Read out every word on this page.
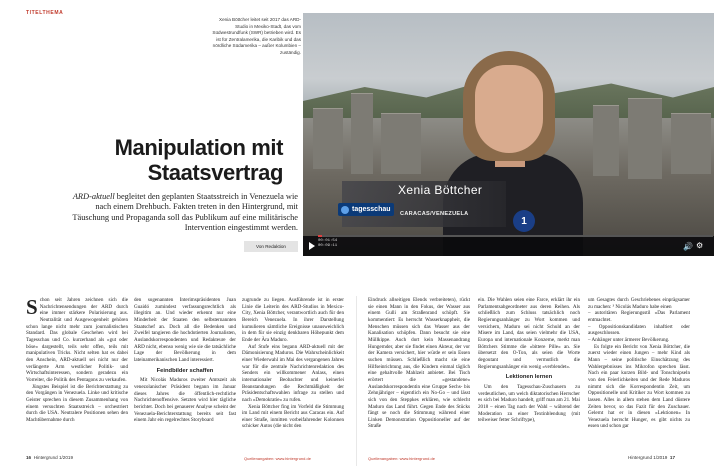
TITELTHEMA
Xenia Böttcher leitet seit 2017 das ARD-Studio in Mexiko-Stadt, das vom Südwestrundfunk (SWR) betrieben wird. Es ist für Zentralamerika, die Karibik und das nördliche Südamerika – außer Kolumbien – zuständig.
Xenia Böttcher
CARACAS/VENEZUELA
tagesschau
1
00:01:54
00:09:11	🔊 ⚙
Manipulation mit
Staatsvertrag
ARD-aktuell begleitet den geplanten Staatsstreich in Venezuela wie nach einem Drehbuch. Fakten treten in den Hintergrund, mit Täuschung und Propaganda soll das Publikum auf eine militärische Intervention eingestimmt werden.
Von Redaktion

Schon seit Jahren zeichnen sich die Nachrichtensendungen der ARD durch eine immer stärkere Polarisierung aus. Neutralität und Ausgewogenheit gehören schon lange nicht mehr zum journalistischen Standard. Das globale Geschehen wird bei Tagesschau und Co. kurzerhand als »gut oder böse« dargestellt, teils sehr offen, teils mit manipulativen Tricks. Nicht selten hat es dabei den Anschein, ARD-aktuell sei nicht nur der verlängerte Arm westlicher Politik- und Wirtschaftsinteressen, sondern geradezu ein Vorreiter, die Politik des Pentagons zu verkaufen.

Jüngstes Beispiel ist die Berichterstattung zu den Vorgängen in Venezuela. Linke und kritische Geister sprechen in diesem Zusammenhang von einem versuchten Staatsstreich – orchestriert durch die USA. Neutralere Positionen sehen den Machtübernahme durch

den sogenannten Interimspräsidenten Juan Guaidó zumindest verfassungsrechtlich als illegitim an. Und wieder erkennt nur eine Minderheit der Staaten den selbsternannten Staatschef an. Doch all die Bedenken und Zweifel tangieren die hochdotierten Journalisten, Auslandskorrespondenten und Redakteure der ARD nicht, ebenso wenig wie sie die tatsächliche Lage der Bevölkerung in dem lateinamerikanischen Land interessiert.

Feindbilder schaffen

Mit Nicolás Maduros zweiter Amtszeit als venezolanischer Präsident begann im Januar dieses Jahres die öffentlich-rechtliche Nachrichtenoffensive. Setzten wird hier tägliche berichtet. Doch bei genauerer Analyse scheint der Venezuela-Berichterstattung bereits seit fast einem Jahr ein regelrechtes Storyboard

zugrunde zu liegen. Ausführende ist in erster Linie die Leiterin des ARD-Studios in Mexico-City, Xenia Böttcher, verantwortlich auch für den Bereich Venezuela. In ihrer Darstellung kumulieren sämtliche Ereignisse unausweichlich in dem für sie einzig denkbaren Höhepunkt dem Ende der Ära Maduro.

Auf Stufe eins begann ARD-aktuell mit der Dämonisierung Maduros. Die Wahrscheinlichkeit einer Wiederwahl im Mai des vergangenen Jahres war für die zentrale Nachrichtenredaktion des Senders ein willkommener Anlass, einen internationaler Beobachter und keinerlei Beanstandungen die Rechtmäßigkeit der Präsidentschaftswahlen infrage zu stellen und nach »Demokratie« zu rufen.

Xenia Böttcher fing im Vorfeld die Stimmung im Land mit einem Bericht aus Caracas ein. Auf einer Straße, inmitten vorbeifahrender Kolonnen schicker Autos (die nicht den

Eindruck allseitigen Elends verbreiteten), rückt sie einen Mann in den Fokus, der Wasser aus einem Gulli am Straßenrand schöpft. Sie kommentiert: Es herrscht Wasserknappheit, die Menschen müssen sich das Wasser aus der Kanalisation schöpfen. Dann besucht sie eine Müllkippe. Auch dort kein Massenandrang Hungernder, aber sie findet einen Akteur, der vor der Kamera versichert, hier würde er sein Essen suchen müssen. Schließlich macht sie eine Hilfseinrichtung aus, die Kindern einmal täglich eine gehaltvolle Mahlzeit anbietet. Bei Tisch erörtert die »gestandene« Auslandskorrespondentin eine Gruppe Sechs- bis Zehnjähriger – eigentlich ein No-Go – und lässt sich von den Steppkes erklären, wie schlecht Maduro das Land führt. Gegen Ende des Stücks fängt se noch die Stimmung während einer Linken Demonstration Oppositioneller auf der Straße

ein. Die Wahlen seien eine Farce, erklärt ihr ein Parlamentsabgeordneter aus deren Reihen. Als schließlich zum Schluss tatsächlich noch Regierungsanhänger zu Wort kommen und versichern, Maduro sei nicht Schuld an der Misere im Land, das seien vielmehr die USA, Europa und internationale Konzerne, merkt man Böttchers Stimme die »bittere Pille« an. Sie übersetzt den O-Ton, als seien die Worte degoutant und vermutlich die Regierungsanhänger ein wenig »verblendet«.

Lektionen lernen

Um den Tagesschau-Zuschauern zu verdeutlichen, um welch diktatorischen Herrscher es sich bei Maduro handelt, griff man am 21. Mai 2018 – einen Tag nach der Wahl – während der Moderation zu einer Textinblendung (mit teilweiser fetter Schriftype),

um Gesagtes durch Geschriebenes einprägsamer zu machen: ³ Nicolás Maduro habe einen

– autoritären Regierungsstil »Das Parlament entmachtet.

– Oppositionskandidaten inhaftiert oder ausgeschlossen.

– Anhänger unter ärmerer Bevölkerung.

Es folgte ein Bericht von Xenia Böttcher, die zuerst wieder einen Jungen – mehr Kind als Mann – seine politische Einschätzung des Wahlergebnisses ins Mikrofon sprechen lässt. Nach ein paar kurzen Bild- und Tonschnipseln von den Feierlichkeiten und der Rede Maduros nimmt sich die Korrespondentin Zeit, um Oppositionelle und Kritiker zu Wort kommen zu lassen. Alles in allem stehen dem Land düstere Zeiten bevor, so das Fazit für den Zuschauer. Gelernt hat er in diesen »Lektionen« In Venezuela herrscht Hunger, es gibt nichts zu essen und schon gar

16 Hintergrund 1/2019	Quellenangaben: www.hintergrund.de	Quellenangaben: www.hintergrund.de	Hintergrund 1/2019 17
